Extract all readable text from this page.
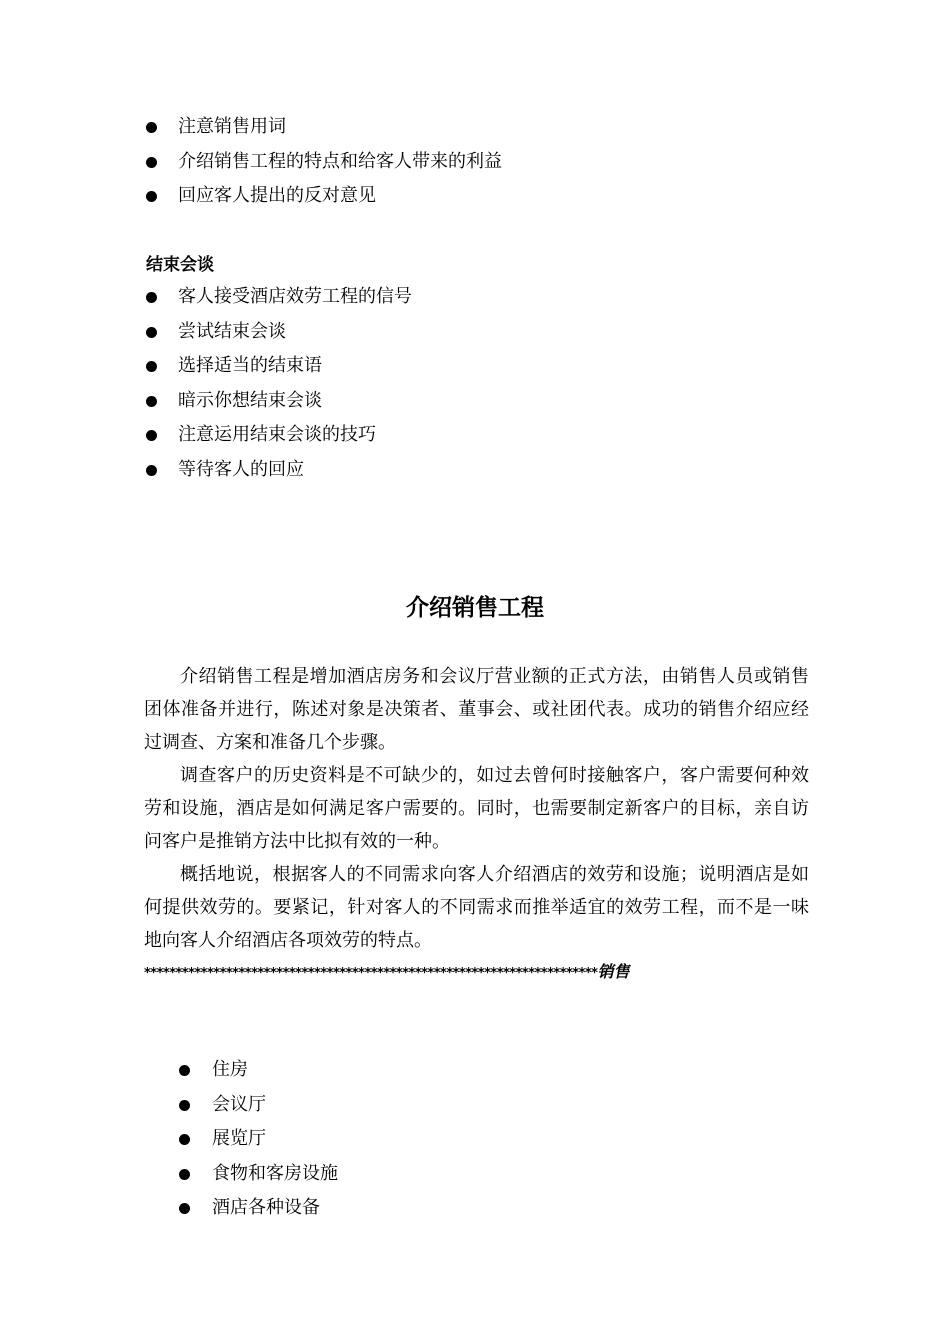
注意销售用词
介绍销售工程的特点和给客人带来的利益
回应客人提出的反对意见
结束会谈
客人接受酒店效劳工程的信号
尝试结束会谈
选择适当的结束语
暗示你想结束会谈
注意运用结束会谈的技巧
等待客人的回应
介绍销售工程

介绍销售工程是增加酒店房务和会议厅营业额的正式方法，由销售人员或销售团体准备并进行，陈述对象是决策者、董事会、或社团代表。成功的销售介绍应经过调查、方案和准备几个步骤。

调查客户的历史资料是不可缺少的，如过去曾何时接触客户，客户需要何种效劳和设施，酒店是如何满足客户需要的。同时，也需要制定新客户的目标，亲自访问客户是推销方法中比拟有效的一种。

概括地说，根据客人的不同需求向客人介绍酒店的效劳和设施；说明酒店是如何提供效劳的。要紧记，针对客人的不同需求而推举适宜的效劳工程，而不是一味地向客人介绍酒店各项效劳的特点。

************************************************************************销售
住房
会议厅
展览厅
食物和客房设施
酒店各种设备
